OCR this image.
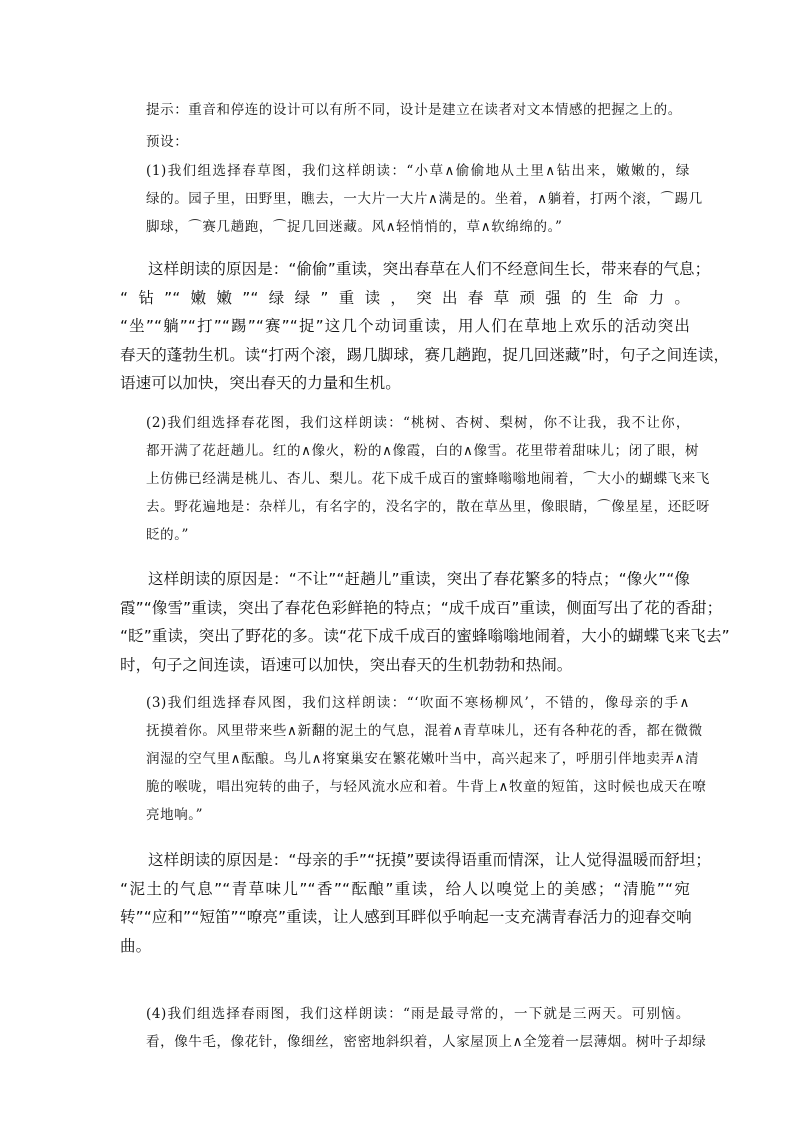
提示：重音和停连的设计可以有所不同，设计是建立在读者对文本情感的把握之上的。

预设：

(1)我们组选择春草图，我们这样朗读：“小草∧偷偷地从土里∧钻出来，嫩嫩的，绿
绿的。园子里，田野里，瞧去，一大片一大片∧满是的。坐着，∧躺着，打两个滚，⌒踢几
脚球，⌒赛几趟跑，⌒捉几回迷藏。风∧轻悄悄的，草∧软绵绵的。”

这样朗读的原因是：“偷偷”重读，突出春草在人们不经意间生长，带来春的气息；
“钻”“嫩嫩”“绿绿”重读，突出春草顽强的生命力。
“坐”“躺”“打”“踢”“赛”“捉”这几个动词重读，用人们在草地上欢乐的活动突出
春天的蓬勃生机。读“打两个滚，踢几脚球，赛几趟跑，捉几回迷藏”时，句子之间连读，
语速可以加快，突出春天的力量和生机。

(2)我们组选择春花图，我们这样朗读：“桃树、杏树、梨树，你不让我，我不让你，
都开满了花赶趟儿。红的∧像火，粉的∧像霞，白的∧像雪。花里带着甜味儿；闭了眼，树
上仿佛已经满是桃儿、杏儿、梨儿。花下成千成百的蜜蜂嗡嗡地闹着，⌒大小的蝴蝶飞来飞
去。野花遍地是：杂样儿，有名字的，没名字的，散在草丛里，像眼睛，⌒像星星，还眨呀
眨的。”

这样朗读的原因是：“不让”“赶趟儿”重读，突出了春花繁多的特点；“像火”“像
霞”“像雪”重读，突出了春花色彩鲜艳的特点；“成千成百”重读，侧面写出了花的香甜；
“眨”重读，突出了野花的多。读“花下成千成百的蜜蜂嗡嗡地闹着，大小的蝴蝶飞来飞去”
时，句子之间连读，语速可以加快，突出春天的生机勃勃和热闹。

(3)我们组选择春风图，我们这样朗读：“‘吹面不寒杨柳风’，不错的，像母亲的手∧
抚摸着你。风里带来些∧新翻的泥土的气息，混着∧青草味儿，还有各种花的香，都在微微
润湿的空气里∧酝酿。鸟儿∧将窠巢安在繁花嫩叶当中，高兴起来了，呼朋引伴地卖弄∧清
脆的喉咙，唱出宛转的曲子，与轻风流水应和着。牛背上∧牧童的短笛，这时候也成天在嘹
亮地响。”

这样朗读的原因是：“母亲的手”“抚摸”要读得语重而情深，让人觉得温暖而舒坦；
“泥土的气息”“青草味儿”“香”“酝酿”重读，给人以嗅觉上的美感；“清脆”“宛
转”“应和”“短笛”“嘹亮”重读，让人感到耳畔似乎响起一支充满青春活力的迎春交响
曲。

(4)我们组选择春雨图，我们这样朗读：“雨是最寻常的，一下就是三两天。可别恼。
看，像牛毛，像花针，像细丝，密密地斜织着，人家屋顶上∧全笼着一层薄烟。树叶子却绿
